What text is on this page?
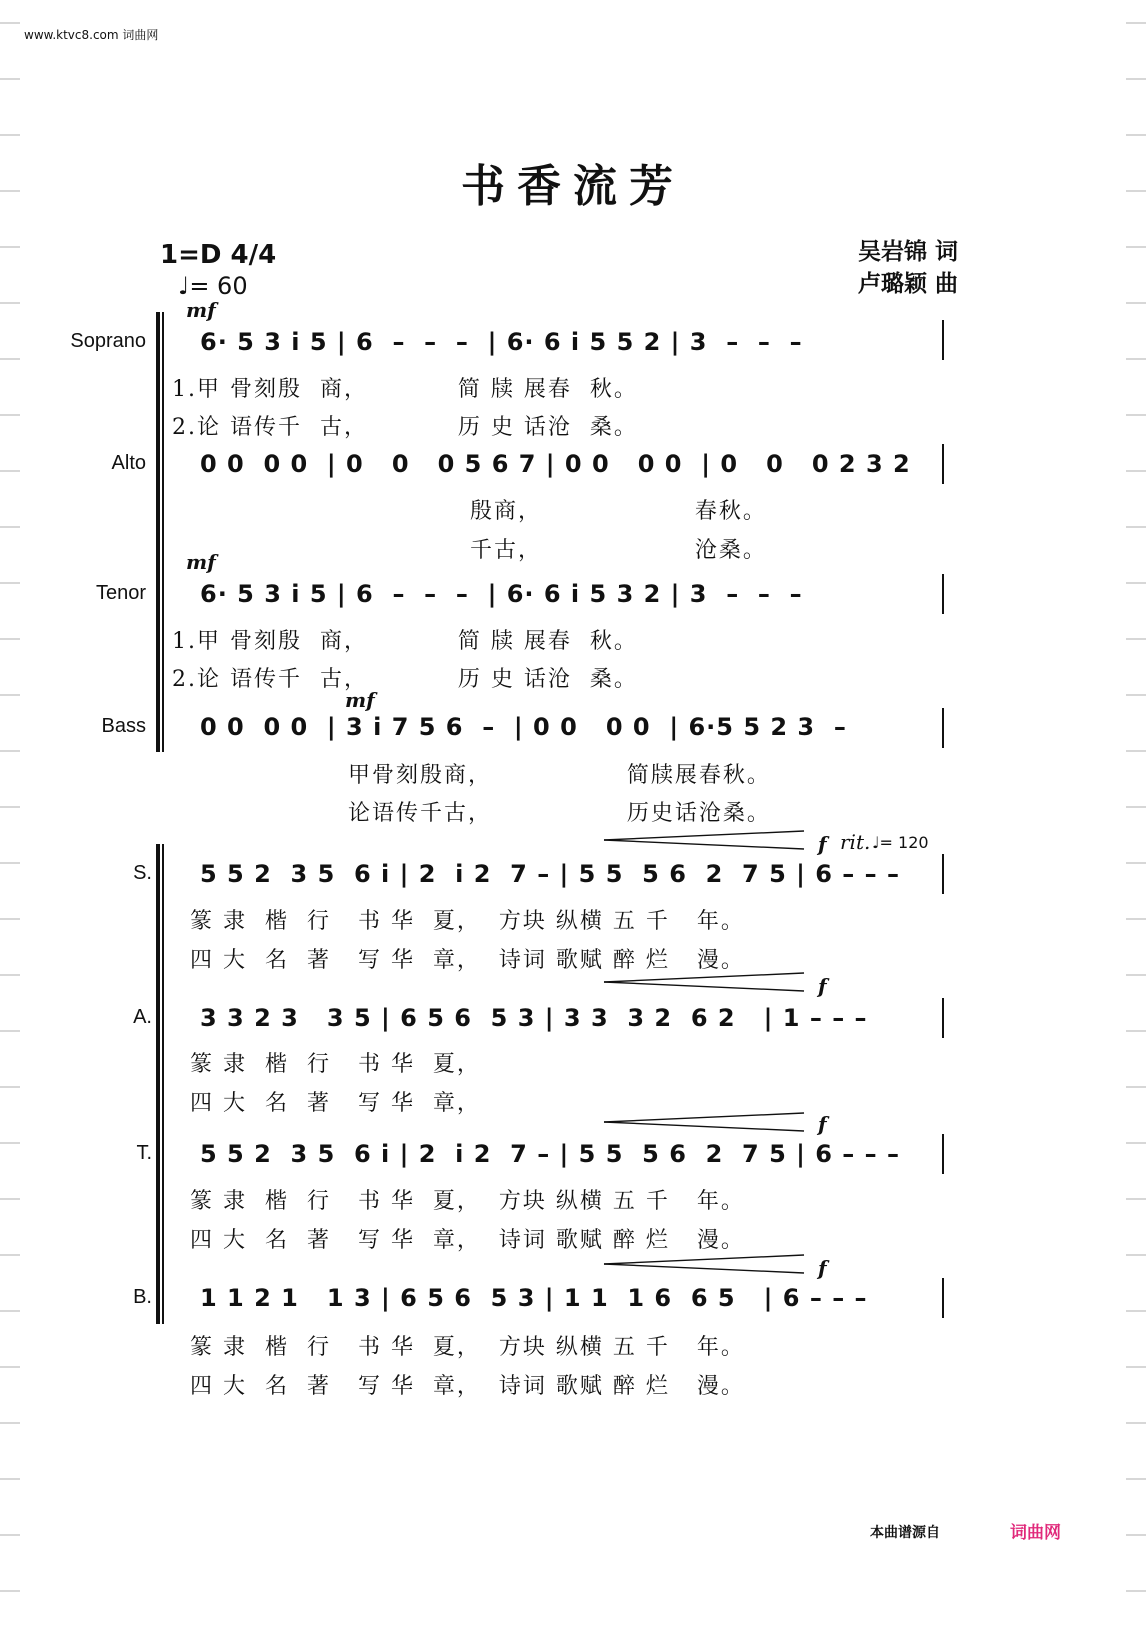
www.ktvc8.com 词曲网
书香流芳
1=D 4/4
♩= 60
吴岩锦 词
卢璐颖 曲
Soprano
mf
6· 5 3 i 5 | 6  –  –  –  | 6· 6 i 5 5 2 | 3  –  –  –
1.甲 骨刻殷  商，          简 牍 展春  秋。
2.论 语传千  古，          历 史 话沧  桑。
Alto 0 0  0 0  | 0   0   0 5 6 7 | 0 0   0 0  | 0   0   0 2 3 2
殷商，                 春秋。
千古，                 沧桑。
Tenor
mf
6· 5 3 i 5 | 6  –  –  –  | 6· 6 i 5 3 2 | 3  –  –  –
1.甲 骨刻殷  商，          简 牍 展春  秋。
2.论 语传千  古，          历 史 话沧  桑。
Bass
mf
0 0  0 0  | 3 i 7 5 6  –  | 0 0   0 0  | 6·5 5 2 3  –
甲骨刻殷商，               简牍展春秋。
论语传千古，               历史话沧桑。
f rit. ♩= 120
S. 5 5 2  3 5  6 i | 2  i 2  7 – | 5 5  5 6  2  7 5 | 6 – – –
篆 隶  楷  行   书 华  夏，  方块 纵横 五 千   年。
四 大  名  著   写 华  章，  诗词 歌赋 醉 烂   漫。
f
A. 3 3 2 3   3 5 | 6 5 6  5 3 | 3 3  3 2  6 2   | 1 – – –
篆 隶  楷  行   书 华  夏，
四 大  名  著   写 华  章，
f
T. 5 5 2  3 5  6 i | 2  i 2  7 – | 5 5  5 6  2  7 5 | 6 – – –
篆 隶  楷  行   书 华  夏，  方块 纵横 五 千   年。
四 大  名  著   写 华  章，  诗词 歌赋 醉 烂   漫。
f
B. 1 1 2 1   1 3 | 6 5 6  5 3 | 1 1  1 6  6 5   | 6 – – –
篆 隶  楷  行   书 华  夏，  方块 纵横 五 千   年。
四 大  名  著   写 华  章，  诗词 歌赋 醉 烂   漫。
本曲谱源自	词曲网
